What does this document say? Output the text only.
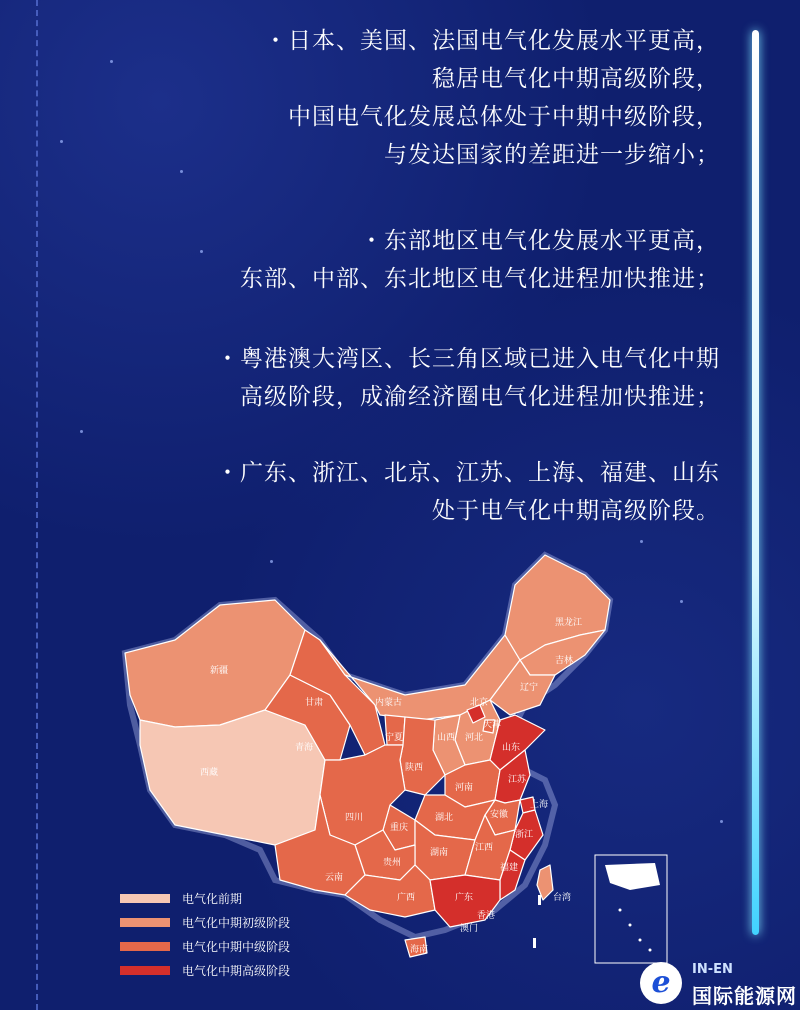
・日本、美国、法国电气化发展水平更高，
稳居电气化中期高级阶段，
中国电气化发展总体处于中期中级阶段，
与发达国家的差距进一步缩小；
・东部地区电气化发展水平更高，
东部、中部、东北地区电气化进程加快推进；
・粤港澳大湾区、长三角区域已进入电气化中期
高级阶段，成渝经济圈电气化进程加快推进；
・广东、浙江、北京、江苏、上海、福建、山东
处于电气化中期高级阶段。
新疆
西藏
青海
甘肃	内蒙古
黑龙江
吉林
辽宁
北京
天津
河北
山西
山东
宁夏
陕西
河南
江苏
安徽
上海
浙江
湖北
四川
重庆
湖南	江西
贵州	福建
云南
广西	广东	台湾
香港
澳门
海南
电气化前期
电气化中期初级阶段
电气化中期中级阶段
电气化中期高级阶段	e	IN-EN
国际能源网
